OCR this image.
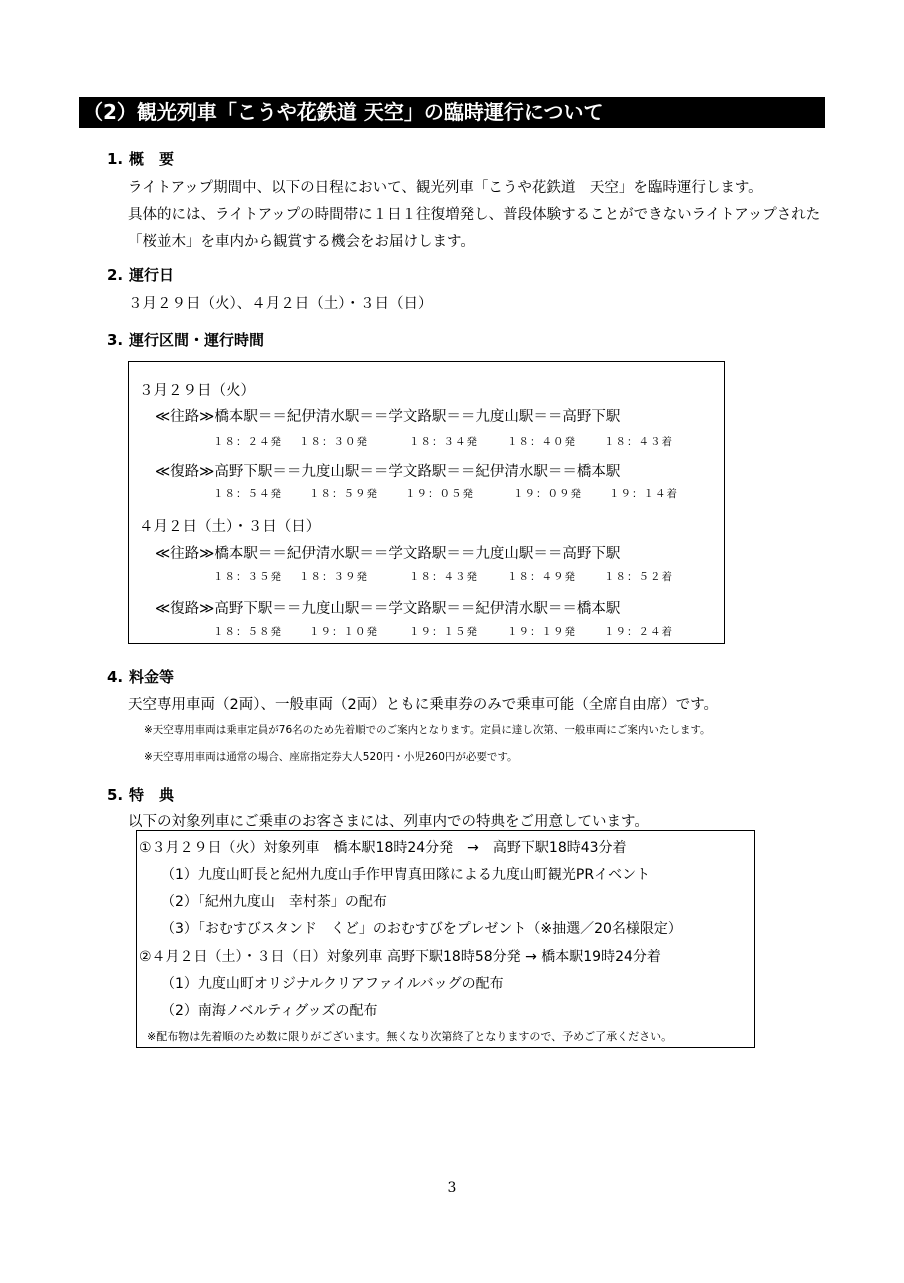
（2）観光列車「こうや花鉄道 天空」の臨時運行について
1. 概　要
ライトアップ期間中、以下の日程において、観光列車「こうや花鉄道　天空」を臨時運行します。
具体的には、ライトアップの時間帯に１日１往復増発し、普段体験することができないライトアップされた
「桜並木」を車内から観賞する機会をお届けします。
2. 運行日
３月２９日（火）、４月２日（土）・３日（日）
3. 運行区間・運行時間
３月２９日（火）
≪往路≫橋本駅＝＝紀伊清水駅＝＝学文路駅＝＝九度山駅＝＝高野下駅
１８：２４発 １８：３０発	１８：３４発	１８：４０発	１８：４３着
≪復路≫高野下駅＝＝九度山駅＝＝学文路駅＝＝紀伊清水駅＝＝橋本駅
１８：５４発	１８：５９発	１９：０５発	１９：０９発	１９：１４着
４月２日（土）・３日（日）
≪往路≫橋本駅＝＝紀伊清水駅＝＝学文路駅＝＝九度山駅＝＝高野下駅
１８：３５発 １８：３９発	１８：４３発	１８：４９発	１８：５２着
≪復路≫高野下駅＝＝九度山駅＝＝学文路駅＝＝紀伊清水駅＝＝橋本駅
１８：５８発	１９：１０発	１９：１５発	１９：１９発	１９：２４着
4. 料金等
天空専用車両（2両）、一般車両（2両）ともに乗車券のみで乗車可能（全席自由席）です。
※天空専用車両は乗車定員が76名のため先着順でのご案内となります。定員に達し次第、一般車両にご案内いたします。
※天空専用車両は通常の場合、座席指定券大人520円・小児260円が必要です。
5. 特　典
以下の対象列車にご乗車のお客さまには、列車内での特典をご用意しています。
①３月２９日（火）対象列車　橋本駅18時24分発　→　高野下駅18時43分着
（1）九度山町長と紀州九度山手作甲冑真田隊による九度山町観光PRイベント
（2）「紀州九度山　幸村茶」の配布
（3）「おむすびスタンド　くど」のおむすびをプレゼント（※抽選／20名様限定）
②４月２日（土）・３日（日）対象列車 高野下駅18時58分発 → 橋本駅19時24分着
（1）九度山町オリジナルクリアファイルバッグの配布
（2）南海ノベルティグッズの配布
※配布物は先着順のため数に限りがございます。無くなり次第終了となりますので、予めご了承ください。
3
